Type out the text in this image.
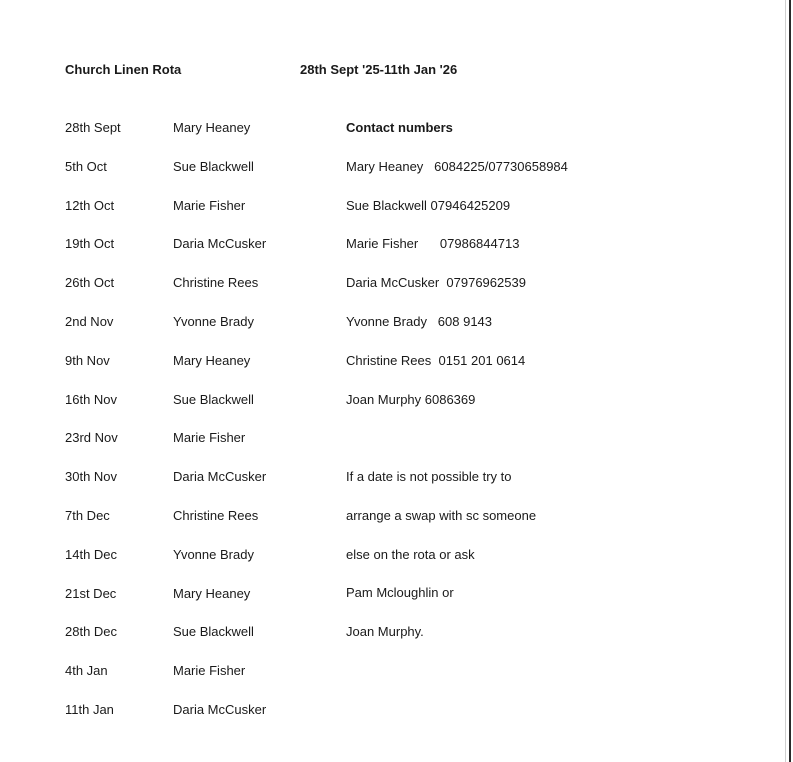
Church Linen Rota	28th Sept '25-11th Jan '26
28th Sept	Mary Heaney
5th Oct	Sue Blackwell
12th Oct	Marie Fisher
19th Oct	Daria McCusker
26th Oct	Christine Rees
2nd Nov	Yvonne Brady
9th Nov	Mary Heaney
16th Nov	Sue Blackwell
23rd Nov	Marie Fisher
30th Nov	Daria McCusker
7th Dec	Christine Rees
14th Dec	Yvonne Brady
21st Dec	Mary Heaney
28th Dec	Sue Blackwell
4th Jan	Marie Fisher
11th Jan	Daria McCusker
Contact numbers
Mary Heaney   6084225/07730658984
Sue Blackwell 07946425209
Marie Fisher      07986844713
Daria McCusker  07976962539
Yvonne Brady   608 9143
Christine Rees  0151 201 0614
Joan Murphy 6086369
If a date is not possible try to
arrange a swap with sc someone
else on the rota or ask
Pam Mcloughlin or
Joan Murphy.
